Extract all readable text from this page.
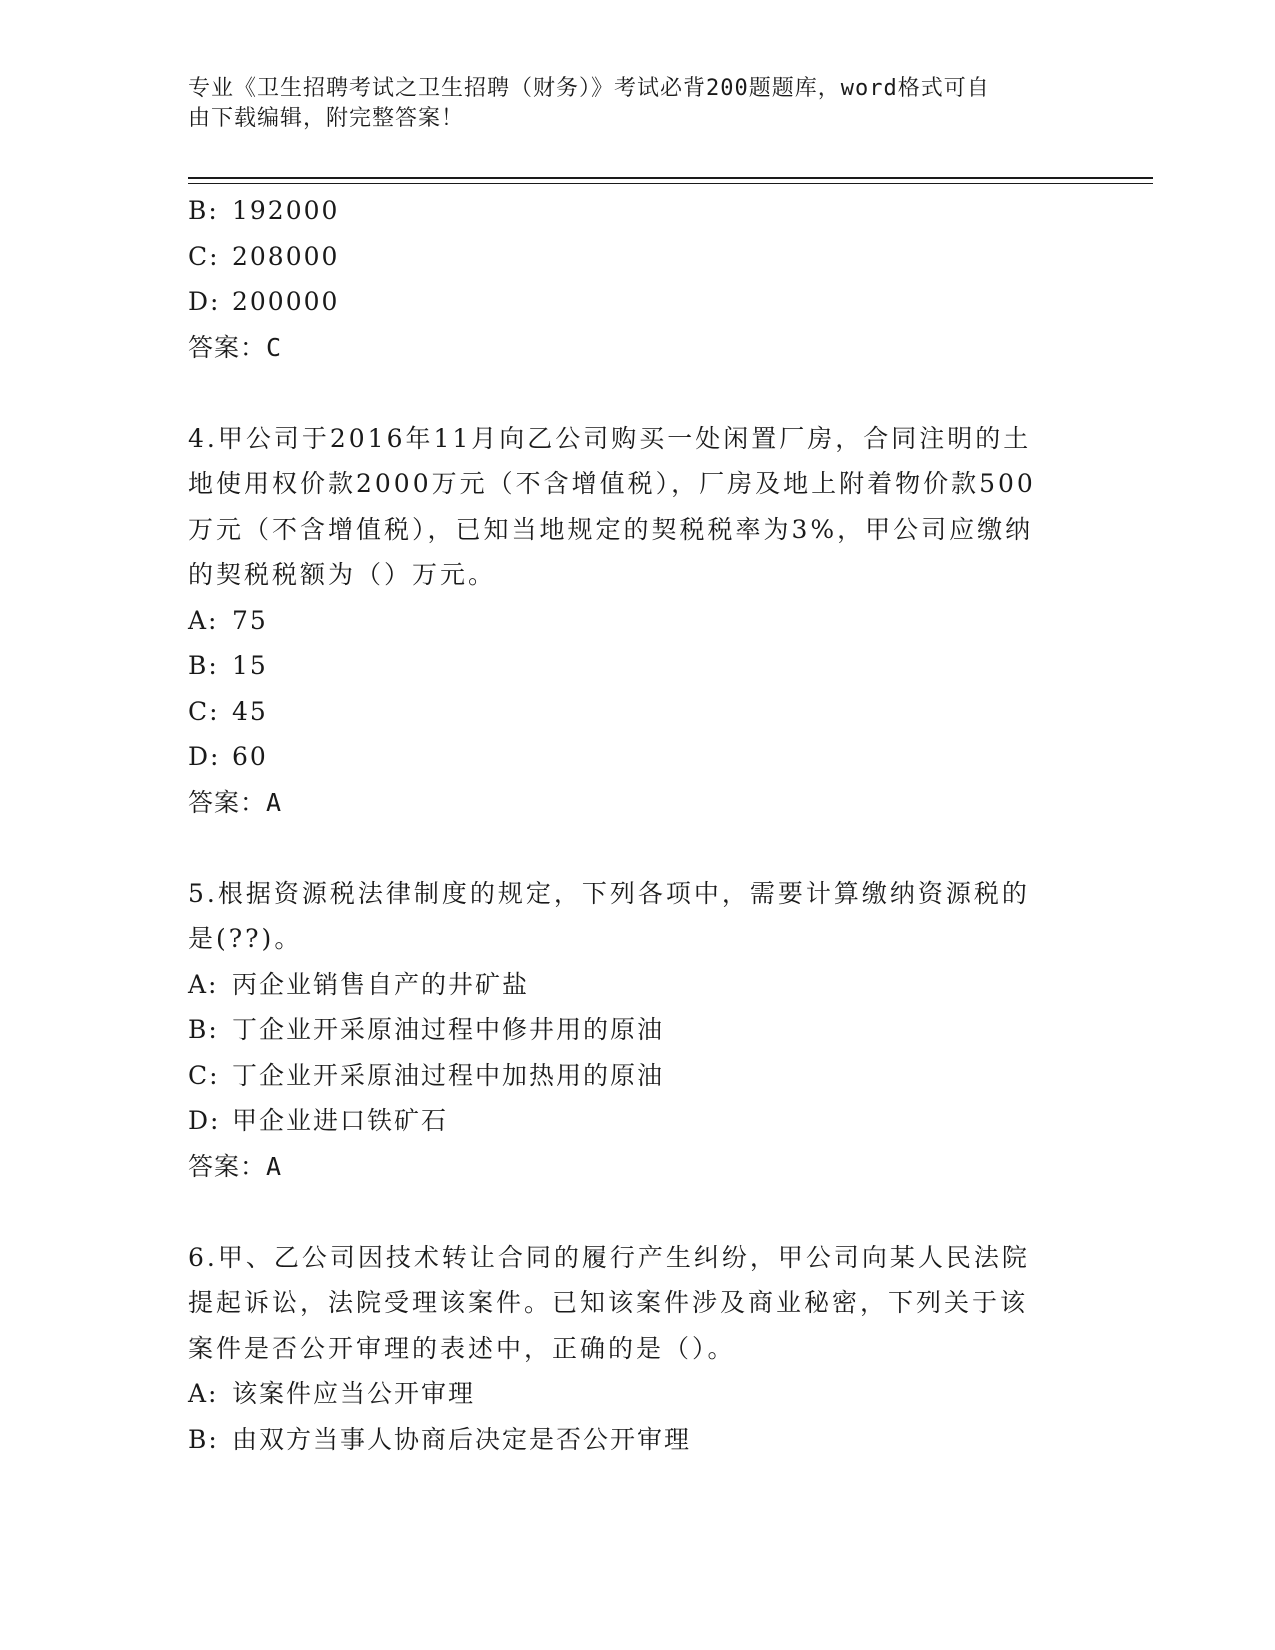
专业《卫生招聘考试之卫生招聘（财务）》考试必背200题题库，word格式可自
由下载编辑，附完整答案！
B: 192000
C: 208000
D: 200000
答案：C
4.甲公司于2016年11月向乙公司购买一处闲置厂房，合同注明的土
地使用权价款2000万元（不含增值税），厂房及地上附着物价款500
万元（不含增值税），已知当地规定的契税税率为3%，甲公司应缴纳
的契税税额为（）万元。
A: 75
B: 15
C: 45
D: 60
答案：A
5.根据资源税法律制度的规定，下列各项中，需要计算缴纳资源税的
是(??)。
A: 丙企业销售自产的井矿盐
B: 丁企业开采原油过程中修井用的原油
C: 丁企业开采原油过程中加热用的原油
D: 甲企业进口铁矿石
答案：A
6.甲、乙公司因技术转让合同的履行产生纠纷，甲公司向某人民法院
提起诉讼，法院受理该案件。已知该案件涉及商业秘密，下列关于该
案件是否公开审理的表述中，正确的是（）。
A: 该案件应当公开审理
B: 由双方当事人协商后决定是否公开审理
